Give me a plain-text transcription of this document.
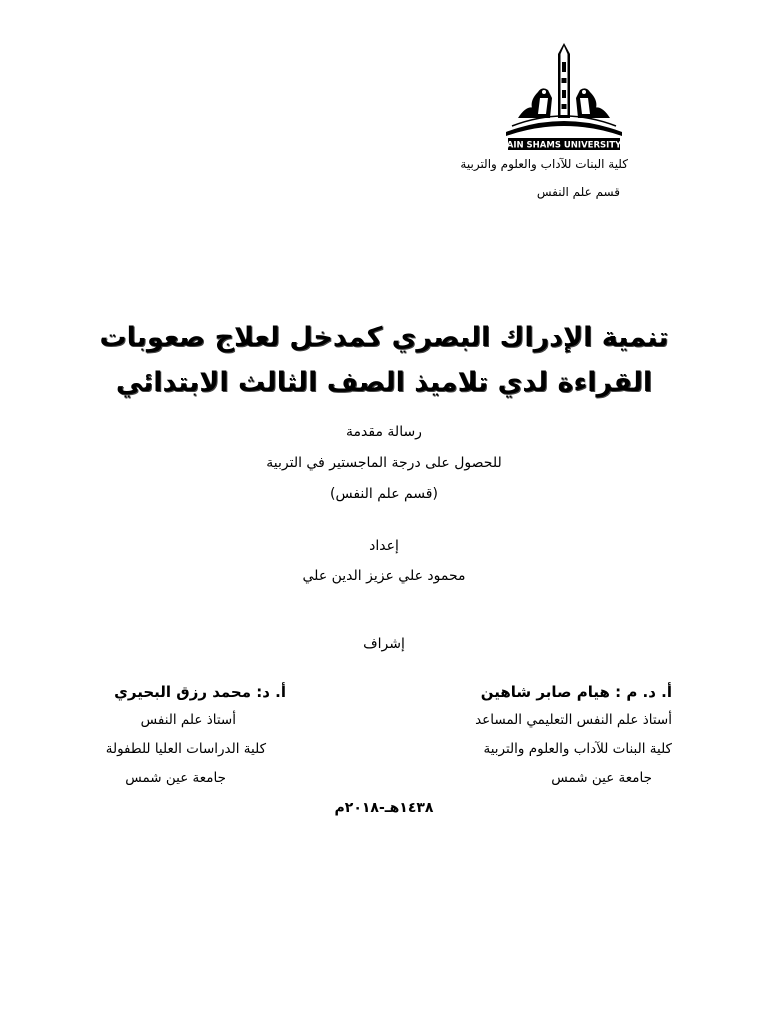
AIN SHAMS UNIVERSITY
كلية البنات للآداب والعلوم والتربية
قسم علم النفس
تنمية الإدراك البصري كمدخل لعلاج صعوبات
القراءة لدي تلاميذ الصف الثالث الابتدائي
رسالة مقدمة
للحصول على درجة الماجستير في التربية
(قسم علم النفس)
إعداد
محمود علي عزيز الدين علي
إشراف
أ. د. م : هيام صابر شاهين
أستاذ علم النفس التعليمي المساعد
كلية البنات للآداب والعلوم والتربية
جامعة عين شمس
أ. د: محمد رزق البحيري
أستاذ علم النفس
كلية الدراسات العليا للطفولة
جامعة عين شمس
١٤٣٨هـ-٢٠١٨م
